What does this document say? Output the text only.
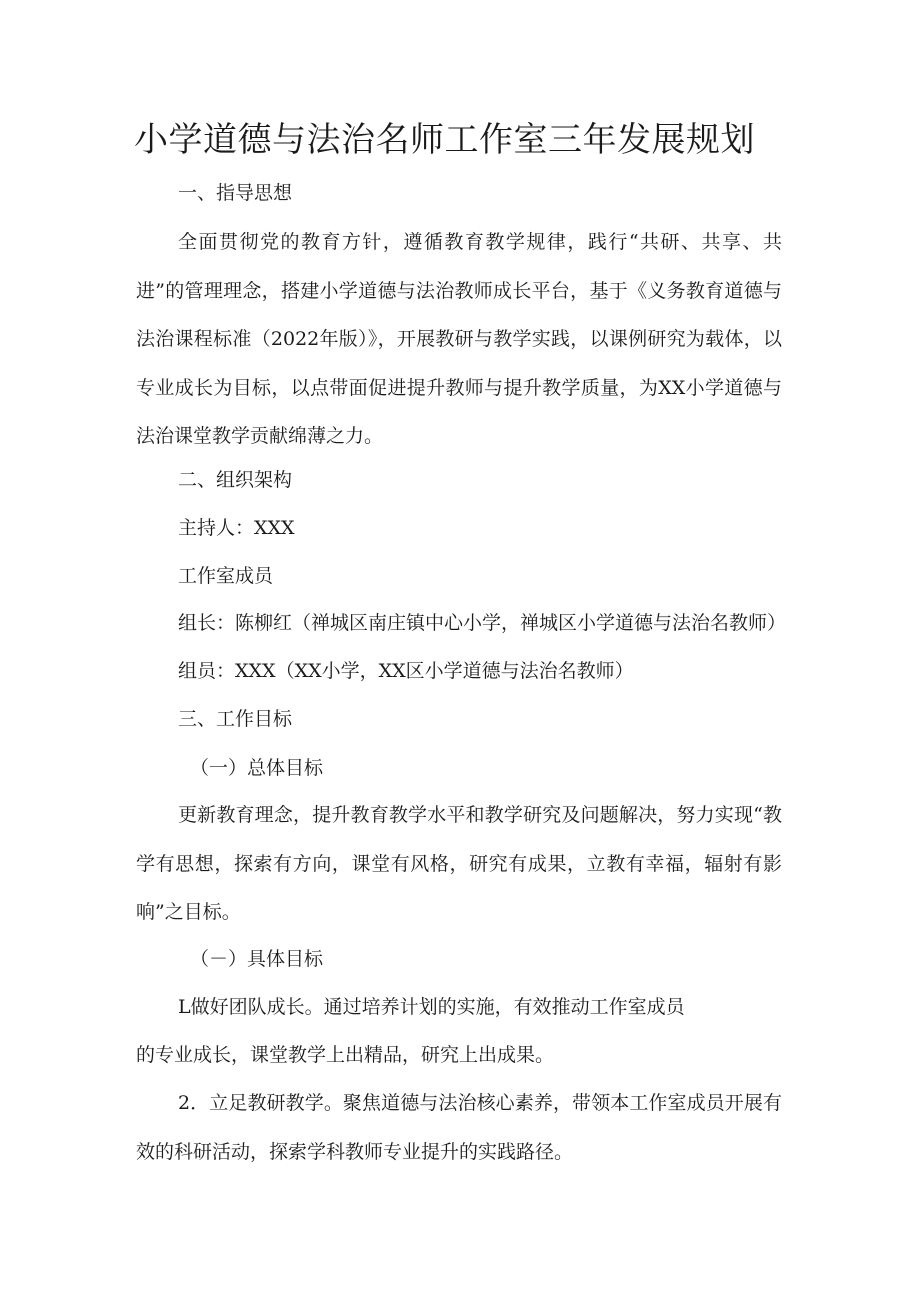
小学道德与法治名师工作室三年发展规划

一、指导思想

全面贯彻党的教育方针，遵循教育教学规律，践行“共研、共享、共进”的管理理念，搭建小学道德与法治教师成长平台，基于《义务教育道德与法治课程标准（2022年版）》，开展教研与教学实践，以课例研究为载体，以专业成长为目标，以点带面促进提升教师与提升教学质量，为XX小学道德与法治课堂教学贡献绵薄之力。

二、组织架构

主持人：XXX

工作室成员

组长：陈柳红（禅城区南庄镇中心小学，禅城区小学道德与法治名教师）

组员：XXX（XX小学，XX区小学道德与法治名教师）

三、工作目标

（一）总体目标

更新教育理念，提升教育教学水平和教学研究及问题解决，努力实现“教学有思想，探索有方向，课堂有风格，研究有成果，立教有幸福，辐射有影响”之目标。

（－）具体目标

L做好团队成长。通过培养计划的实施，有效推动工作室成员

的专业成长，课堂教学上出精品，研究上出成果。

2．立足教研教学。聚焦道德与法治核心素养，带领本工作室成员开展有效的科研活动，探索学科教师专业提升的实践路径。
